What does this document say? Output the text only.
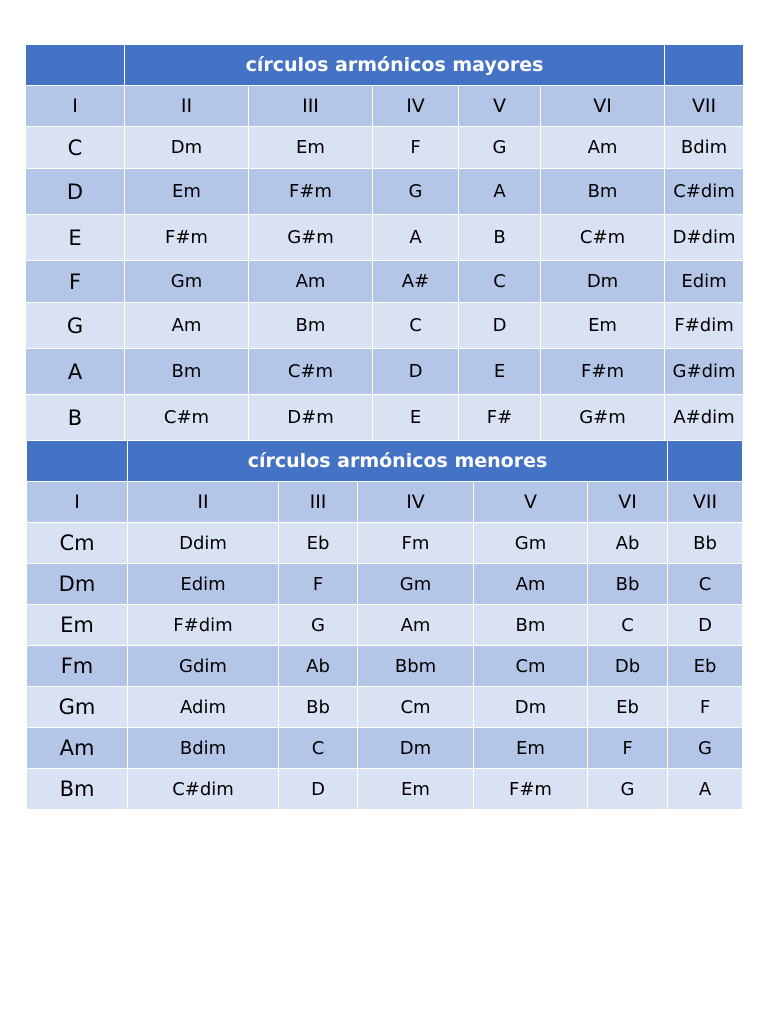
	círculos armónicos mayores					
I	II	III	IV	V	VI	VII
C	Dm	Em	F	G	Am	Bdim
D	Em	F#m	G	A	Bm	C#dim
E	F#m	G#m	A	B	C#m	D#dim
F	Gm	Am	A#	C	Dm	Edim
G	Am	Bm	C	D	Em	F#dim
A	Bm	C#m	D	E	F#m	G#dim
B	C#m	D#m	E	F#	G#m	A#dim
	círculos armónicos menores					
I	II	III	IV	V	VI	VII
Cm	Ddim	Eb	Fm	Gm	Ab	Bb
Dm	Edim	F	Gm	Am	Bb	C
Em	F#dim	G	Am	Bm	C	D
Fm	Gdim	Ab	Bbm	Cm	Db	Eb
Gm	Adim	Bb	Cm	Dm	Eb	F
Am	Bdim	C	Dm	Em	F	G
Bm	C#dim	D	Em	F#m	G	A
